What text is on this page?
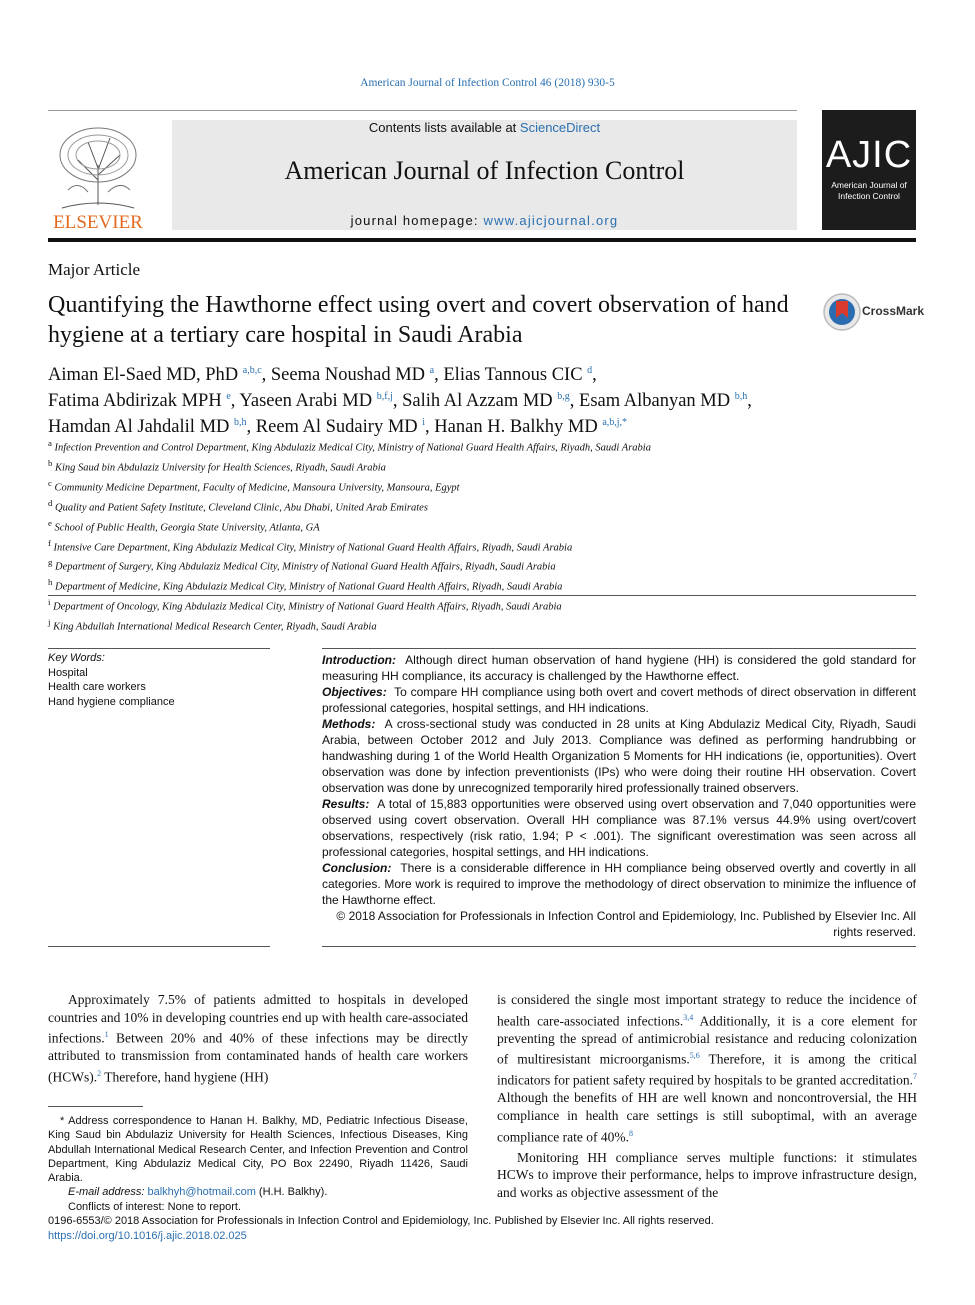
American Journal of Infection Control 46 (2018) 930-5
ELSEVIER
Contents lists available at ScienceDirect
American Journal of Infection Control
journal homepage: www.ajicjournal.org
AJIC
American Journal of
Infection Control
Major Article
Quantifying the Hawthorne effect using overt and covert observation of hand hygiene at a tertiary care hospital in Saudi Arabia
CrossMark
Aiman El-Saed MD, PhD $^{a,b,c}$, Seema Noushad MD $^a$, Elias Tannous CIC $^d$,
Fatima Abdirizak MPH $^e$, Yaseen Arabi MD $^{b,f,j}$, Salih Al Azzam MD $^{b,g}$, Esam Albanyan MD $^{b,h}$,
Hamdan Al Jahdalil MD $^{b,h}$, Reem Al Sudairy MD $^i$, Hanan H. Balkhy MD $^{a,b,j,*}$
$^a$ Infection Prevention and Control Department, King Abdulaziz Medical City, Ministry of National Guard Health Affairs, Riyadh, Saudi Arabia
$^b$ King Saud bin Abdulaziz University for Health Sciences, Riyadh, Saudi Arabia
$^c$ Community Medicine Department, Faculty of Medicine, Mansoura University, Mansoura, Egypt
$^d$ Quality and Patient Safety Institute, Cleveland Clinic, Abu Dhabi, United Arab Emirates
$^e$ School of Public Health, Georgia State University, Atlanta, GA
$^f$ Intensive Care Department, King Abdulaziz Medical City, Ministry of National Guard Health Affairs, Riyadh, Saudi Arabia
$^g$ Department of Surgery, King Abdulaziz Medical City, Ministry of National Guard Health Affairs, Riyadh, Saudi Arabia
$^h$ Department of Medicine, King Abdulaziz Medical City, Ministry of National Guard Health Affairs, Riyadh, Saudi Arabia
$^i$ Department of Oncology, King Abdulaziz Medical City, Ministry of National Guard Health Affairs, Riyadh, Saudi Arabia
$^j$ King Abdullah International Medical Research Center, Riyadh, Saudi Arabia
Key Words:
Hospital
Health care workers
Hand hygiene compliance
Introduction: Although direct human observation of hand hygiene (HH) is considered the gold standard for measuring HH compliance, its accuracy is challenged by the Hawthorne effect.
Objectives: To compare HH compliance using both overt and covert methods of direct observation in different professional categories, hospital settings, and HH indications.
Methods: A cross-sectional study was conducted in 28 units at King Abdulaziz Medical City, Riyadh, Saudi Arabia, between October 2012 and July 2013. Compliance was defined as performing handrubbing or handwashing during 1 of the World Health Organization 5 Moments for HH indications (ie, opportunities). Overt observation was done by infection preventionists (IPs) who were doing their routine HH observation. Covert observation was done by unrecognized temporarily hired professionally trained observers.
Results: A total of 15,883 opportunities were observed using overt observation and 7,040 opportunities were observed using covert observation. Overall HH compliance was 87.1% versus 44.9% using overt/covert observations, respectively (risk ratio, 1.94; P < .001). The significant overestimation was seen across all professional categories, hospital settings, and HH indications.
Conclusion: There is a considerable difference in HH compliance being observed overtly and covertly in all categories. More work is required to improve the methodology of direct observation to minimize the influence of the Hawthorne effect.
© 2018 Association for Professionals in Infection Control and Epidemiology, Inc. Published by Elsevier Inc. All rights reserved.

Approximately 7.5% of patients admitted to hospitals in developed countries and 10% in developing countries end up with health care-associated infections.$^1$ Between 20% and 40% of these infections may be directly attributed to transmission from contaminated hands of health care workers (HCWs).$^2$ Therefore, hand hygiene (HH)

is considered the single most important strategy to reduce the incidence of health care-associated infections.$^{3,4}$ Additionally, it is a core element for preventing the spread of antimicrobial resistance and reducing colonization of multiresistant microorganisms.$^{5,6}$ Therefore, it is among the critical indicators for patient safety required by hospitals to be granted accreditation.$^7$ Although the benefits of HH are well known and noncontroversial, the HH compliance in health care settings is still suboptimal, with an average compliance rate of 40%.$^8$

Monitoring HH compliance serves multiple functions: it stimulates HCWs to improve their performance, helps to improve infrastructure design, and works as objective assessment of the

* Address correspondence to Hanan H. Balkhy, MD, Pediatric Infectious Disease, King Saud bin Abdulaziz University for Health Sciences, Infectious Diseases, King Abdullah International Medical Research Center, and Infection Prevention and Control Department, King Abdulaziz Medical City, PO Box 22490, Riyadh 11426, Saudi Arabia.

E-mail address: balkhyh@hotmail.com (H.H. Balkhy).

Conflicts of interest: None to report.

0196-6553/© 2018 Association for Professionals in Infection Control and Epidemiology, Inc. Published by Elsevier Inc. All rights reserved.
https://doi.org/10.1016/j.ajic.2018.02.025
